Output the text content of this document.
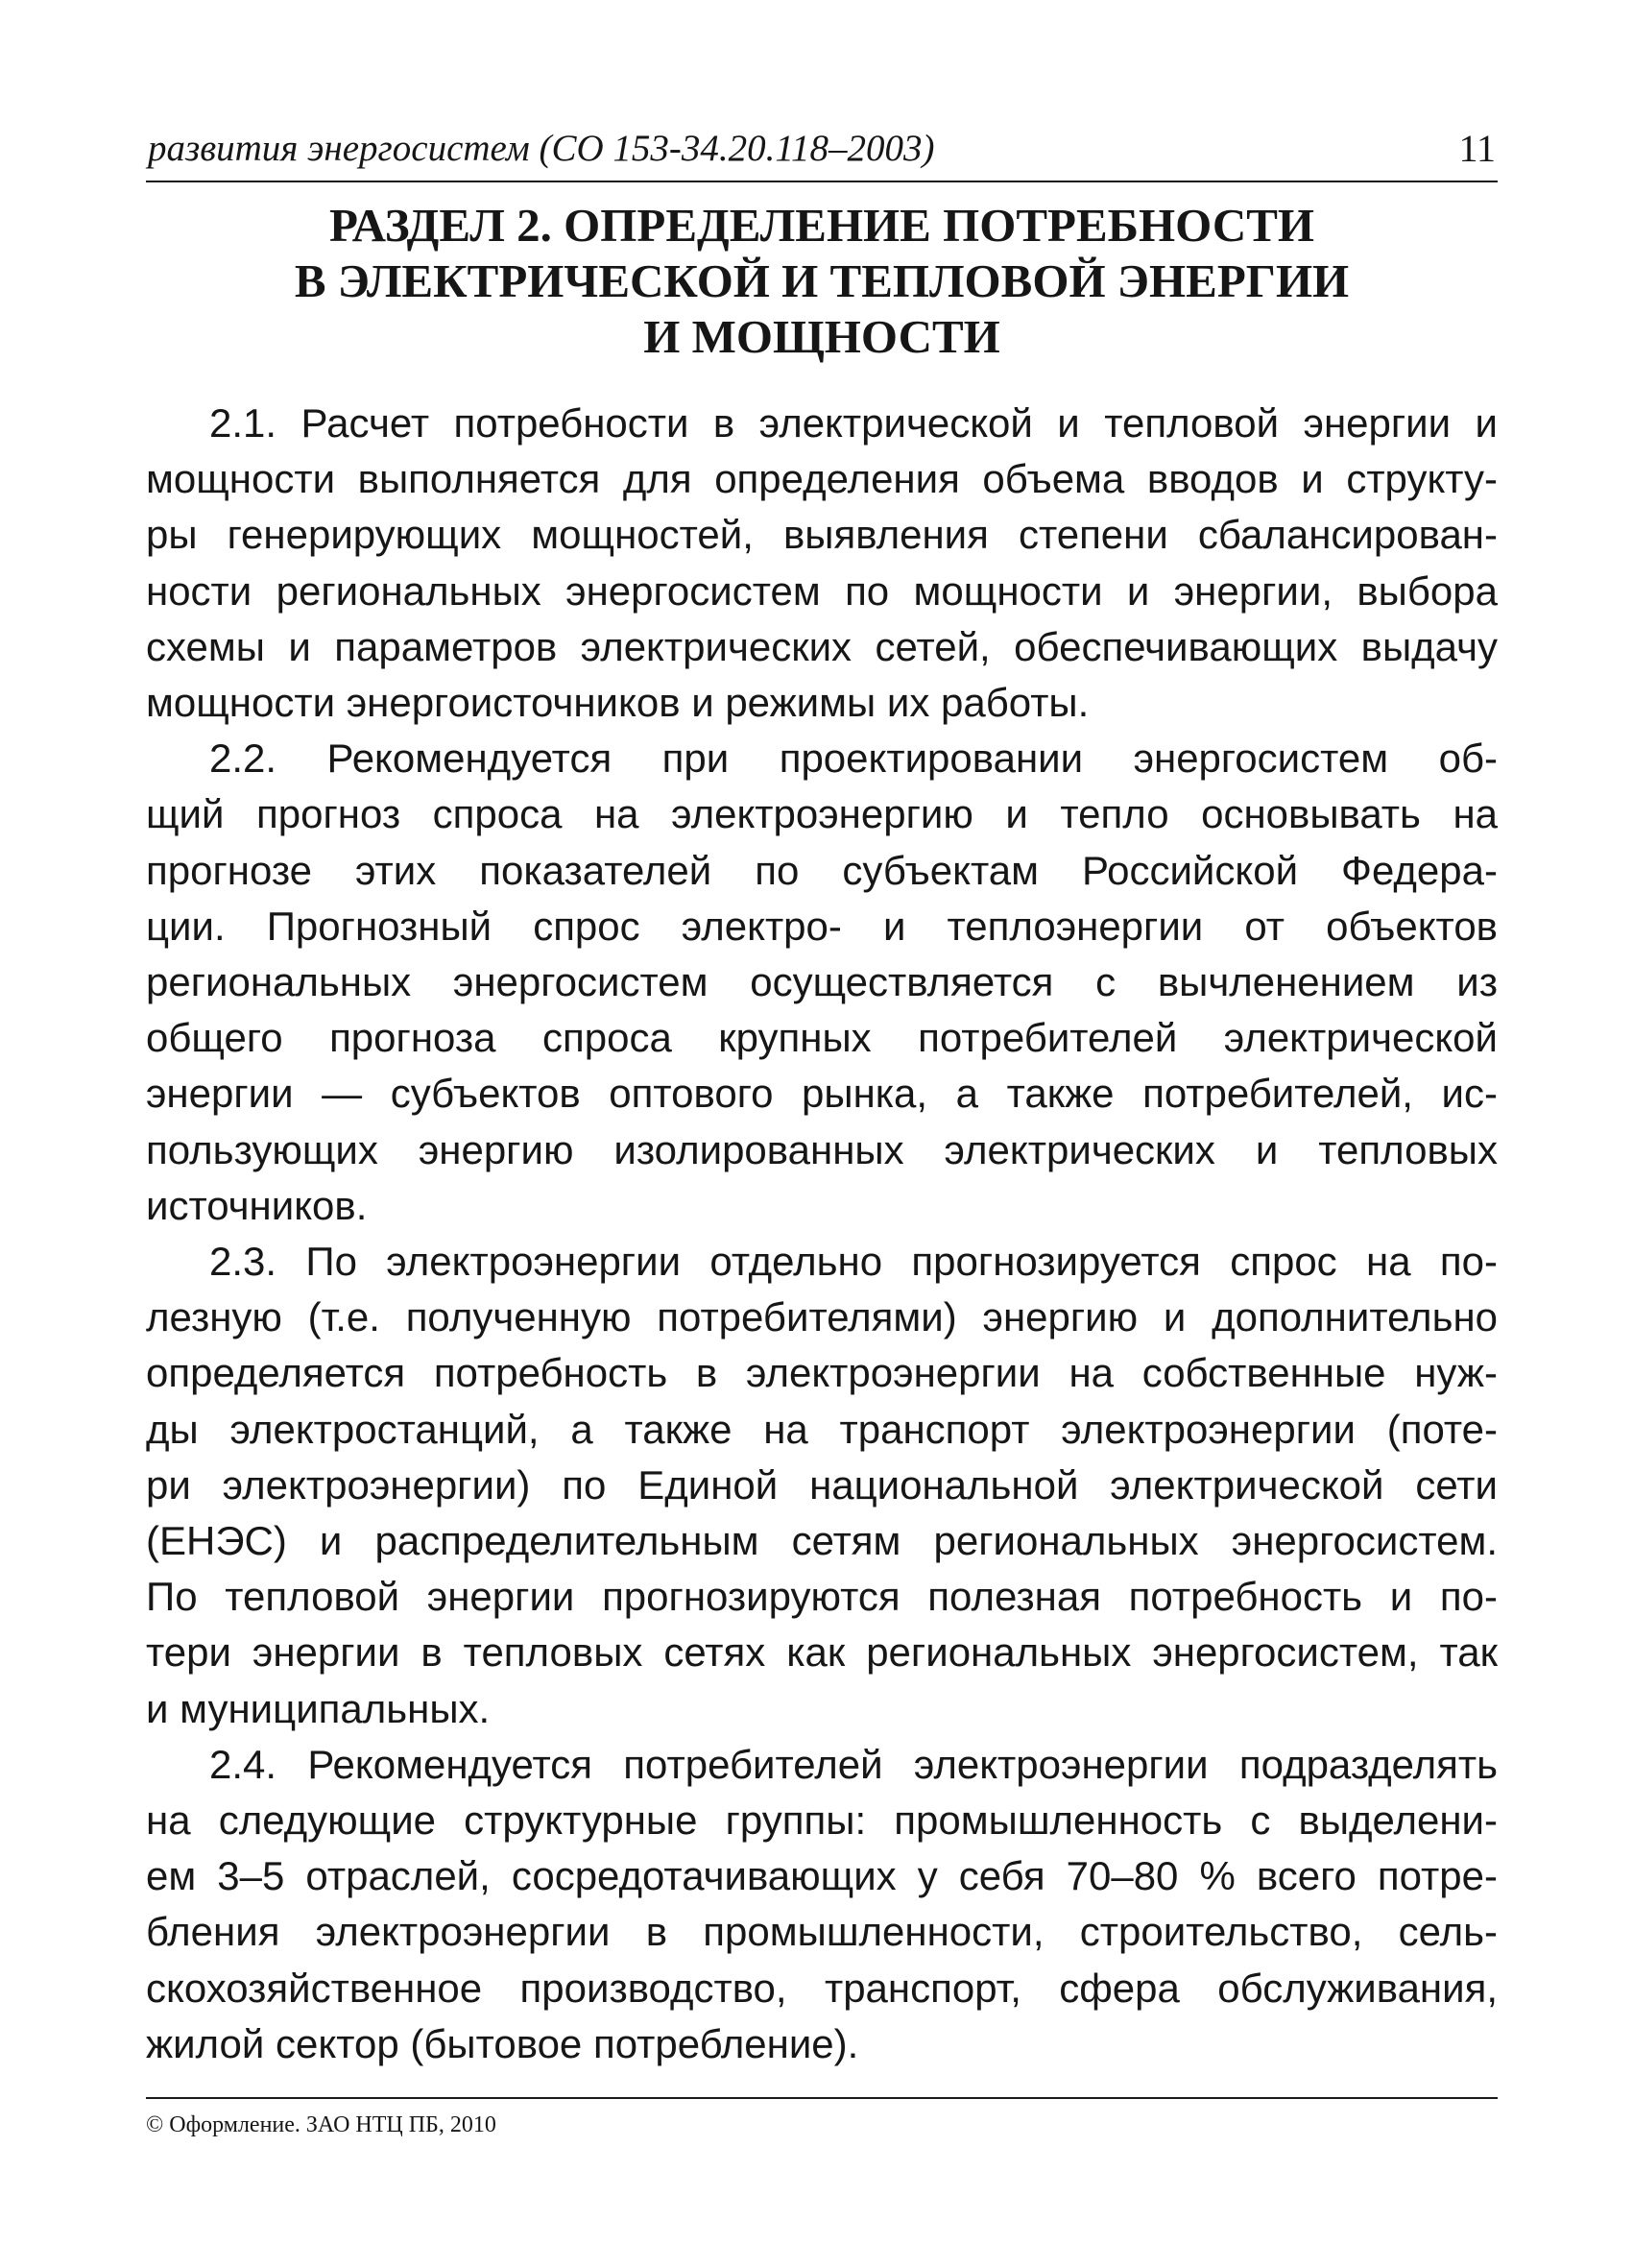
развития энергосистем (СО 153-34.20.118–2003)	11
РАЗДЕЛ 2. ОПРЕДЕЛЕНИЕ ПОТРЕБНОСТИ
В ЭЛЕКТРИЧЕСКОЙ И ТЕПЛОВОЙ ЭНЕРГИИ
И МОЩНОСТИ
2.1. Расчет потребности в электрической и тепловой энергии и
мощности выполняется для определения объема вводов и структу-
ры генерирующих мощностей, выявления степени сбалансирован-
ности региональных энергосистем по мощности и энергии, выбора
схемы и параметров электрических сетей, обеспечивающих выдачу
мощности энергоисточников и режимы их работы.
2.2. Рекомендуется при проектировании энергосистем об-
щий прогноз спроса на электроэнергию и тепло основывать на
прогнозе этих показателей по субъектам Российской Федера-
ции. Прогнозный спрос электро- и теплоэнергии от объектов
региональных энергосистем осуществляется с вычленением из
общего прогноза спроса крупных потребителей электрической
энергии — субъектов оптового рынка, а также потребителей, ис-
пользующих энергию изолированных электрических и тепловых
источников.
2.3. По электроэнергии отдельно прогнозируется спрос на по-
лезную (т.е. полученную потребителями) энергию и дополнительно
определяется потребность в электроэнергии на собственные нуж-
ды электростанций, а также на транспорт электроэнергии (поте-
ри электроэнергии) по Единой национальной электрической сети
(ЕНЭС) и распределительным сетям региональных энергосистем.
По тепловой энергии прогнозируются полезная потребность и по-
тери энергии в тепловых сетях как региональных энергосистем, так
и муниципальных.
2.4. Рекомендуется потребителей электроэнергии подразделять
на следующие структурные группы: промышленность с выделени-
ем 3–5 отраслей, сосредотачивающих у себя 70–80 % всего потре-
бления электроэнергии в промышленности, строительство, сель-
скохозяйственное производство, транспорт, сфера обслуживания,
жилой сектор (бытовое потребление).
© Оформление. ЗАО НТЦ ПБ, 2010
